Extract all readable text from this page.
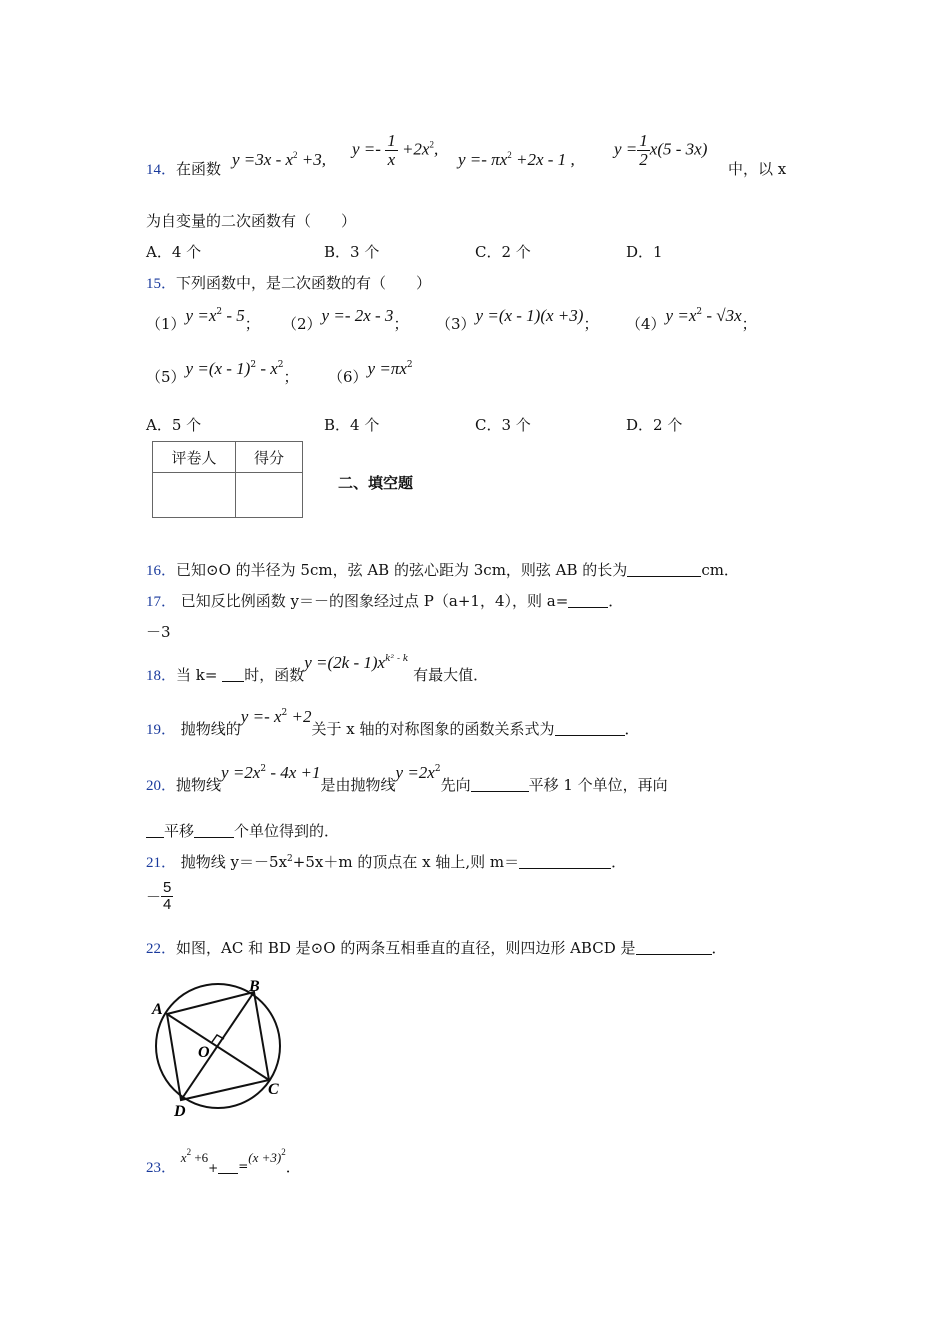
14． 在函数 $y =3x - x^2 +3$,
$y =- \frac{1}{x} +2x^2$,
$y =- \pi x^2 +2x - 1$ ,
$y = \frac{1}{2} x(5 - 3x)$
中，以 x
为自变量的二次函数有（　　）
A．4 个	B．3 个	C．2 个	D．1
15．下列函数中，是二次函数的有（　　）
$(1)y =x^2 - 5$； （2）y =- 2x - 3； （3）y =(x - 1)(x +3)； $(4)y =x^2 - √3x$；
$(5)y =(x - 1)^2 - x^2$； $(6)y =\pi x^2$
A．5 个	B．4 个	C．3 个	D．2 个
评卷人	得分

二、填空题
16．已知⊙O 的半径为 5cm，弦 AB 的弦心距为 3cm，则弦 AB 的长为	cm．
17． 已知反比例函数 y＝－的图象经过点 P（a+1，4），则 a=	．
－3
18．当 k= 时，函数$y =(2k - 1)x^{k^2 - k}$ 有最大值．
19． 抛物线的$y =- x^2 +2$关于 x 轴的对称图象的函数关系式为	．
20．抛物线$y =2x^2 - 4x +1$是由抛物线$y =2x^2$先向	平移 1 个单位，再向
平移	个单位得到的．
21． 抛物线 $y=-5x^2+5x+m$ 的顶点在 x 轴上,则 m＝	．
－ $\frac{5}{4}$
22．如图，AC 和 BD 是⊙O 的两条互相垂直的直径，则四边形 ABCD 是	．
A
B
C
D
O
23． $x^2 +6_+$ $_=(x +3)^2$．
